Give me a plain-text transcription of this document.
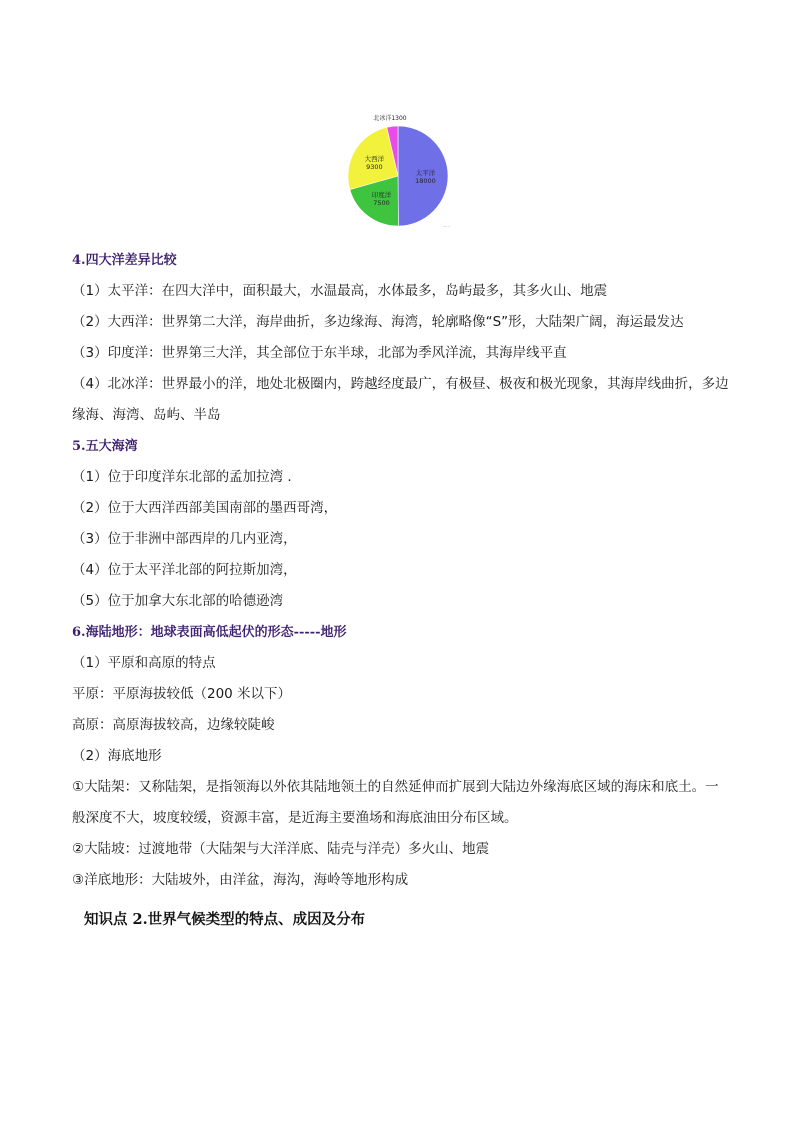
太平洋
18000
印度洋
7500
大西洋
9300
北冰洋1300
······
4.四大洋差异比较
（1）太平洋：在四大洋中，面积最大，水温最高，水体最多，岛屿最多，其多火山、地震
（2）大西洋：世界第二大洋，海岸曲折，多边缘海、海湾，轮廓略像“S”形，大陆架广阔，海运最发达
（3）印度洋：世界第三大洋，其全部位于东半球，北部为季风洋流，其海岸线平直
（4）北冰洋：世界最小的洋，地处北极圈内，跨越经度最广，有极昼、极夜和极光现象，其海岸线曲折，多边缘海、海湾、岛屿、半岛
5.五大海湾
（1）位于印度洋东北部的孟加拉湾 .
（2）位于大西洋西部美国南部的墨西哥湾，
（3）位于非洲中部西岸的几内亚湾，
（4）位于太平洋北部的阿拉斯加湾，
（5）位于加拿大东北部的哈德逊湾
6.海陆地形：地球表面高低起伏的形态-----地形
（1）平原和高原的特点
平原：平原海拔较低（200 米以下）
高原：高原海拔较高，边缘较陡峻
（2）海底地形
①大陆架：又称陆架，是指领海以外依其陆地领土的自然延伸而扩展到大陆边外缘海底区域的海床和底土。一般深度不大，坡度较缓，资源丰富，是近海主要渔场和海底油田分布区域。
②大陆坡：过渡地带（大陆架与大洋洋底、陆壳与洋壳）多火山、地震
③洋底地形：大陆坡外，由洋盆，海沟，海岭等地形构成
知识点 2.世界气候类型的特点、成因及分布
